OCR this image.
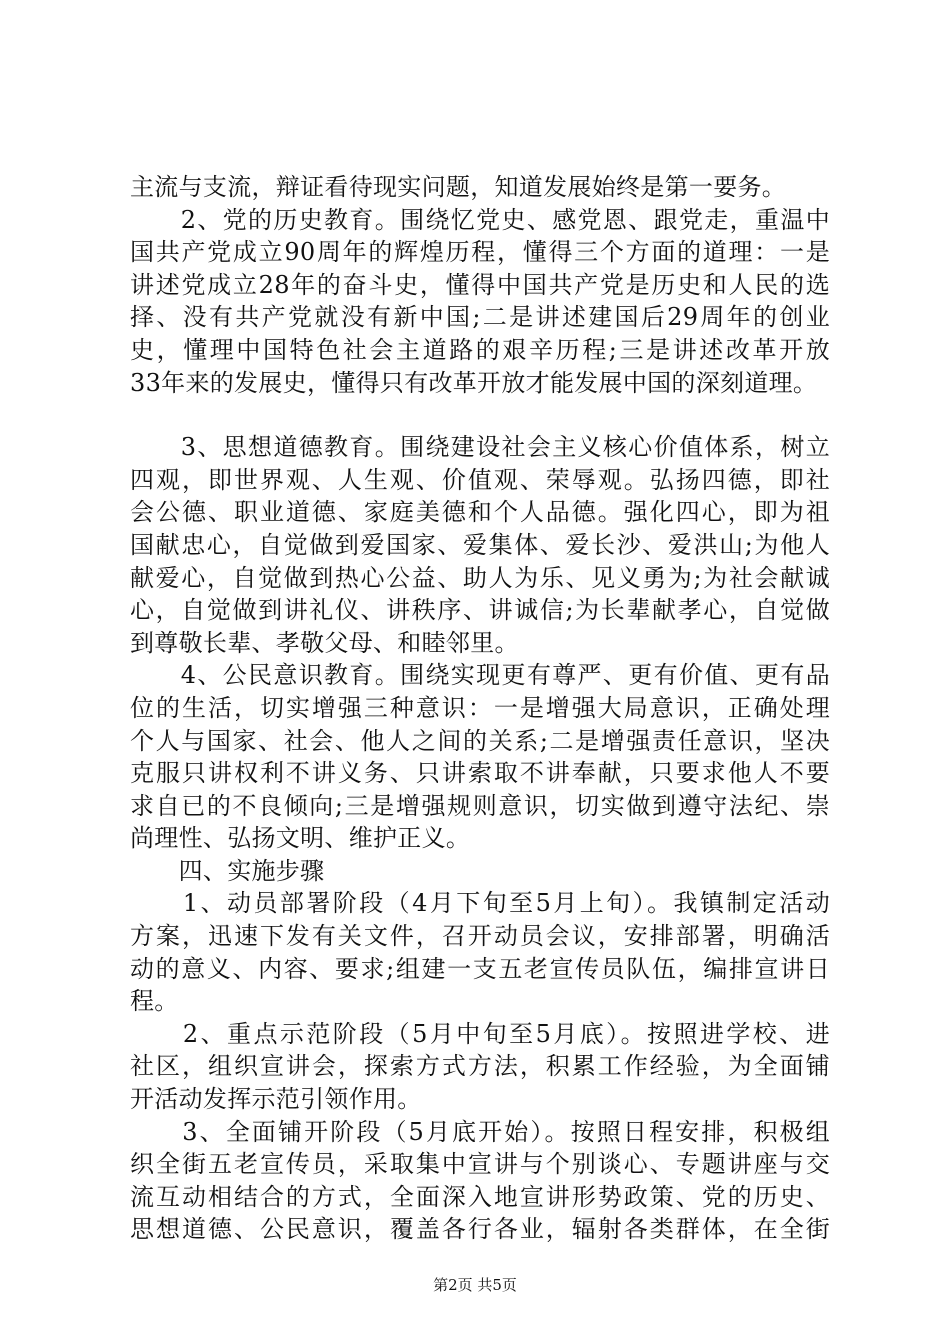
主流与支流，辩证看待现实问题，知道发展始终是第一要务。
　　2、党的历史教育。围绕忆党史、感党恩、跟党走，重温中
国共产党成立90周年的辉煌历程，懂得三个方面的道理：一是
讲述党成立28年的奋斗史，懂得中国共产党是历史和人民的选
择、没有共产党就没有新中国;二是讲述建国后29周年的创业
史，懂理中国特色社会主道路的艰辛历程;三是讲述改革开放
33年来的发展史，懂得只有改革开放才能发展中国的深刻道理。
　　3、思想道德教育。围绕建设社会主义核心价值体系，树立
四观，即世界观、人生观、价值观、荣辱观。弘扬四德，即社
会公德、职业道德、家庭美德和个人品德。强化四心，即为祖
国献忠心，自觉做到爱国家、爱集体、爱长沙、爱洪山;为他人
献爱心，自觉做到热心公益、助人为乐、见义勇为;为社会献诚
心，自觉做到讲礼仪、讲秩序、讲诚信;为长辈献孝心，自觉做
到尊敬长辈、孝敬父母、和睦邻里。
　　4、公民意识教育。围绕实现更有尊严、更有价值、更有品
位的生活，切实增强三种意识：一是增强大局意识，正确处理
个人与国家、社会、他人之间的关系;二是增强责任意识，坚决
克服只讲权利不讲义务、只讲索取不讲奉献，只要求他人不要
求自已的不良倾向;三是增强规则意识，切实做到遵守法纪、崇
尚理性、弘扬文明、维护正义。
　　四、实施步骤
　　1、动员部署阶段（4月下旬至5月上旬）。我镇制定活动
方案，迅速下发有关文件，召开动员会议，安排部署，明确活
动的意义、内容、要求;组建一支五老宣传员队伍，编排宣讲日
程。
　　2、重点示范阶段（5月中旬至5月底）。按照进学校、进
社区，组织宣讲会，探索方式方法，积累工作经验，为全面铺
开活动发挥示范引领作用。
　　3、全面铺开阶段（5月底开始）。按照日程安排，积极组
织全街五老宣传员，采取集中宣讲与个别谈心、专题讲座与交
流互动相结合的方式，全面深入地宣讲形势政策、党的历史、
思想道德、公民意识，覆盖各行各业，辐射各类群体，在全街
第2页 共5页
